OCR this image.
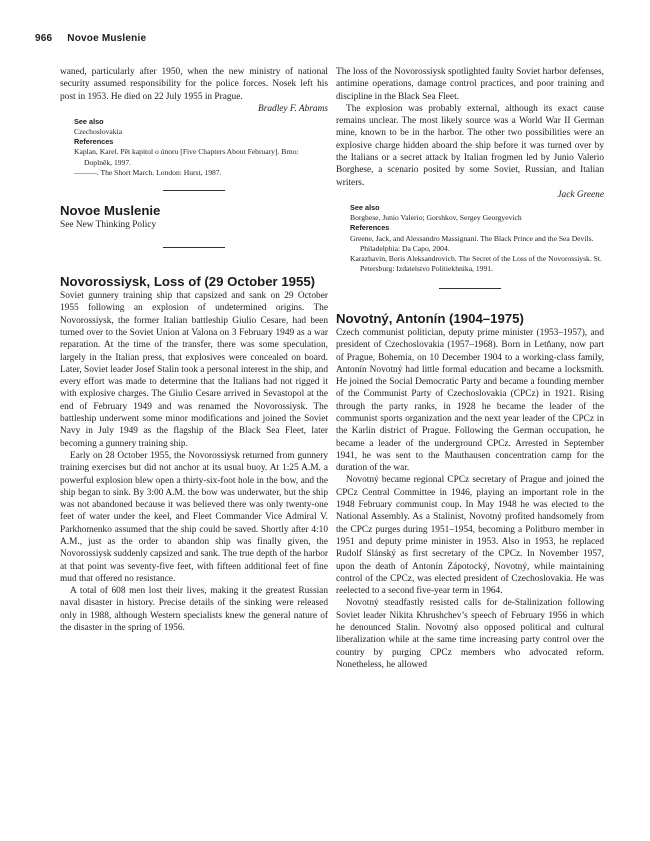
966 Novoe Muslenie

waned, particularly after 1950, when the new ministry of national security assumed responsibility for the police forces. Nosek left his post in 1953. He died on 22 July 1955 in Prague.

Bradley F. Abrams

See also
Czechoslovakia
References
Kaplan, Karel. Pět kapitol o únoru [Five Chapters About February]. Brno: Doplněk, 1997.
———. The Short March. London: Hurst, 1987.
Novoe Muslenie
See New Thinking Policy
Novorossiysk, Loss of (29 October 1955)

Soviet gunnery training ship that capsized and sank on 29 October 1955 following an explosion of undetermined origins. The Novorossiysk, the former Italian battleship Giulio Cesare, had been turned over to the Soviet Union at Valona on 3 February 1949 as a war reparation. At the time of the transfer, there was some speculation, largely in the Italian press, that explosives were concealed on board. Later, Soviet leader Josef Stalin took a personal interest in the ship, and every effort was made to determine that the Italians had not rigged it with explosive charges. The Giulio Cesare arrived in Sevastopol at the end of February 1949 and was renamed the Novorossiysk. The battleship underwent some minor modifications and joined the Soviet Navy in July 1949 as the flagship of the Black Sea Fleet, later becoming a gunnery training ship.

Early on 28 October 1955, the Novorossiysk returned from gunnery training exercises but did not anchor at its usual buoy. At 1:25 A.M. a powerful explosion blew open a thirty-six-foot hole in the bow, and the ship began to sink. By 3:00 A.M. the bow was underwater, but the ship was not abandoned because it was believed there was only twenty-one feet of water under the keel, and Fleet Commander Vice Admiral V. Parkhomenko assumed that the ship could be saved. Shortly after 4:10 A.M., just as the order to abandon ship was finally given, the Novorossiysk suddenly capsized and sank. The true depth of the harbor at that point was seventy-five feet, with fifteen additional feet of fine mud that offered no resistance.

A total of 608 men lost their lives, making it the greatest Russian naval disaster in history. Precise details of the sinking were released only in 1988, although Western specialists knew the general nature of the disaster in the spring of 1956.

The loss of the Novorossiysk spotlighted faulty Soviet harbor defenses, antimine operations, damage control practices, and poor training and discipline in the Black Sea Fleet.

The explosion was probably external, although its exact cause remains unclear. The most likely source was a World War II German mine, known to be in the harbor. The other two possibilities were an explosive charge hidden aboard the ship before it was turned over by the Italians or a secret attack by Italian frogmen led by Junio Valerio Borghese, a scenario posited by some Soviet, Russian, and Italian writers.

Jack Greene

See also
Borghese, Junio Valerio; Gorshkov, Sergey Georgyevich
References
Greene, Jack, and Alessandro Massignani. The Black Prince and the Sea Devils. Philadelphia: Da Capo, 2004.
Karazhavin, Boris Aleksandrovich. The Secret of the Loss of the Novorossiysk. St. Petersburg: Izdatelstvo Politiekhnika, 1991.
Novotný, Antonín (1904–1975)

Czech communist politician, deputy prime minister (1953–1957), and president of Czechoslovakia (1957–1968). Born in Letňany, now part of Prague, Bohemia, on 10 December 1904 to a working-class family, Antonín Novotný had little formal education and became a locksmith. He joined the Social Democratic Party and became a founding member of the Communist Party of Czechoslovakia (CPCz) in 1921. Rising through the party ranks, in 1928 he became the leader of the communist sports organization and the next year leader of the CPCz in the Karlín district of Prague. Following the German occupation, he became a leader of the underground CPCz. Arrested in September 1941, he was sent to the Mauthausen concentration camp for the duration of the war.

Novotný became regional CPCz secretary of Prague and joined the CPCz Central Committee in 1946, playing an important role in the 1948 February communist coup. In May 1948 he was elected to the National Assembly. As a Stalinist, Novotný profited handsomely from the CPCz purges during 1951–1954, becoming a Politburo member in 1951 and deputy prime minister in 1953. Also in 1953, he replaced Rudolf Slánský as first secretary of the CPCz. In November 1957, upon the death of Antonín Zápotocký, Novotný, while maintaining control of the CPCz, was elected president of Czechoslovakia. He was reelected to a second five-year term in 1964.

Novotný steadfastly resisted calls for de-Stalinization following Soviet leader Nikita Khrushchev’s speech of February 1956 in which he denounced Stalin. Novotný also opposed political and cultural liberalization while at the same time increasing party control over the country by purging CPCz members who advocated reform. Nonetheless, he allowed
